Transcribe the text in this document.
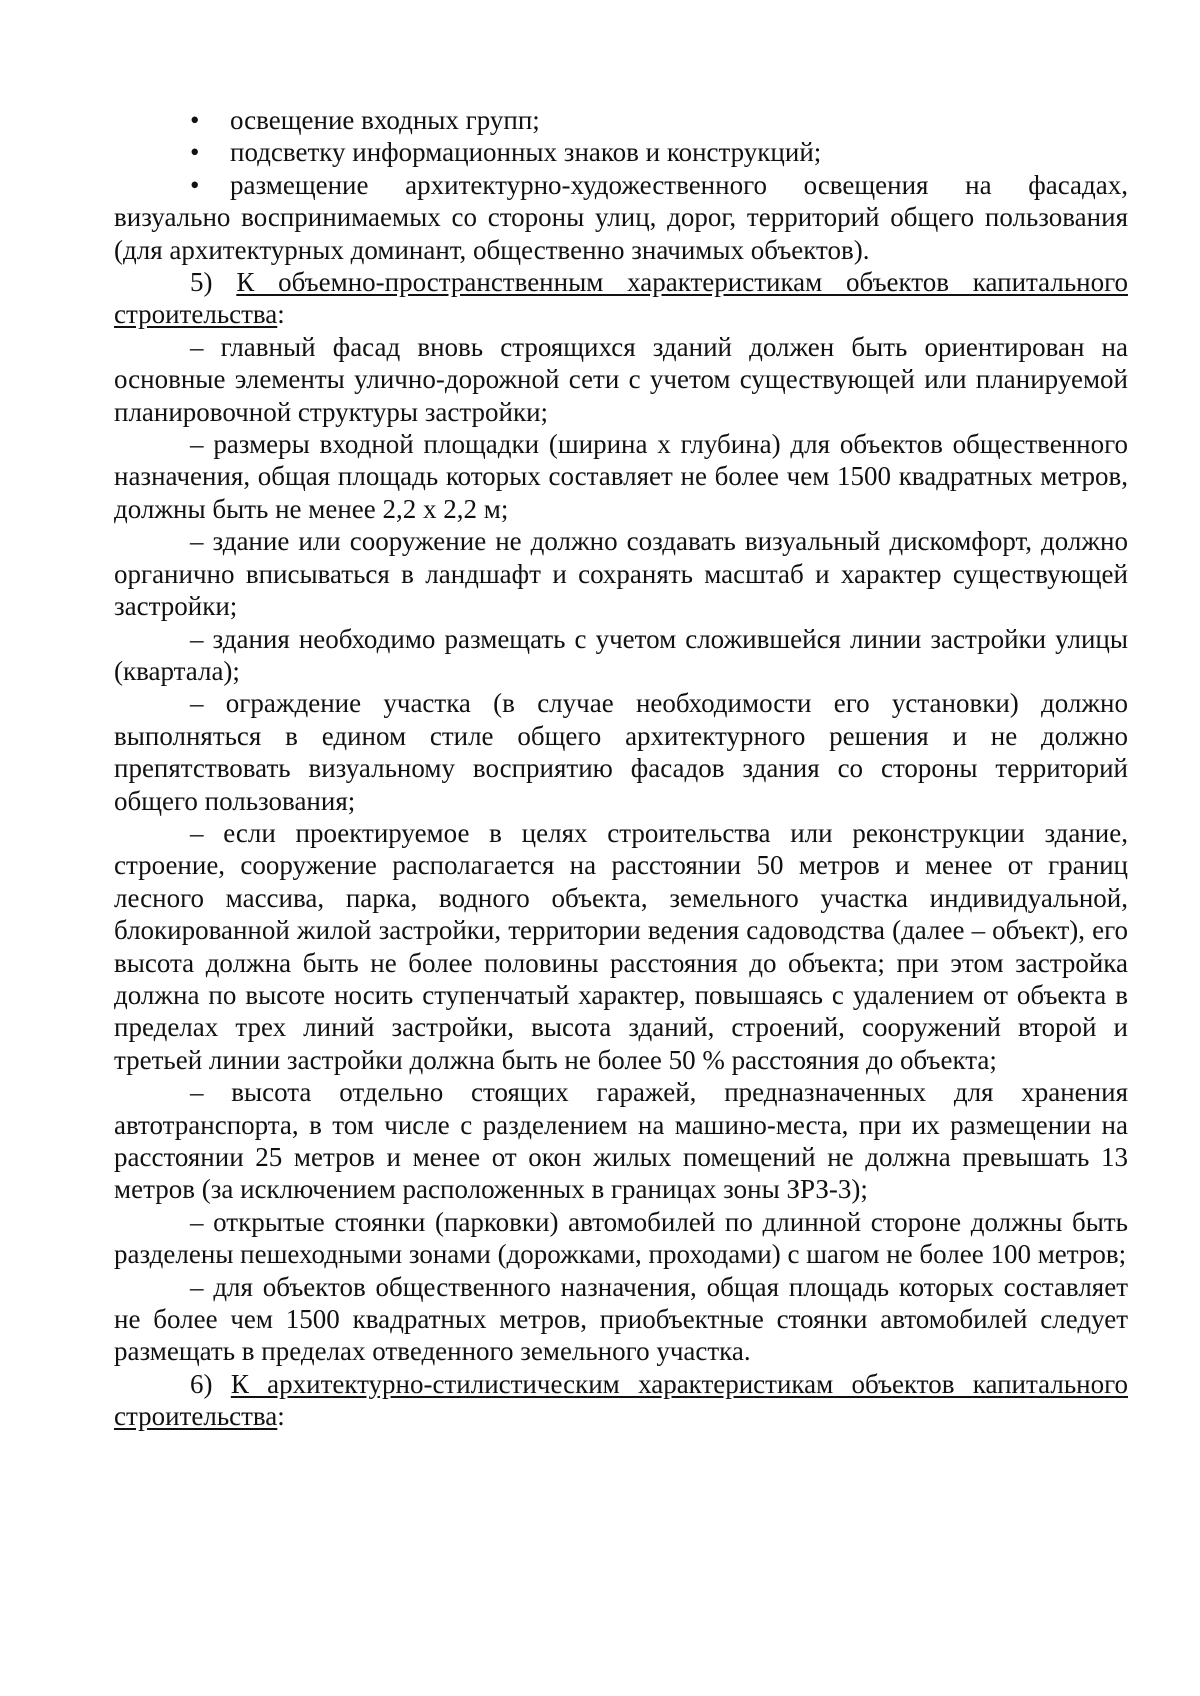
• освещение входных групп;
• подсветку информационных знаков и конструкций;
• размещение архитектурно-художественного освещения на фасадах, визуально воспринимаемых со стороны улиц, дорог, территорий общего пользования (для архитектурных доминант, общественно значимых объектов).

5) К объемно-пространственным характеристикам объектов капитального строительства:

– главный фасад вновь строящихся зданий должен быть ориентирован на основные элементы улично-дорожной сети с учетом существующей или планируемой планировочной структуры застройки;

– размеры входной площадки (ширина х глубина) для объектов общественного назначения, общая площадь которых составляет не более чем 1500 квадратных метров, должны быть не менее 2,2 х 2,2 м;

– здание или сооружение не должно создавать визуальный дискомфорт, должно органично вписываться в ландшафт и сохранять масштаб и характер существующей застройки;

– здания необходимо размещать с учетом сложившейся линии застройки улицы (квартала);

– ограждение участка (в случае необходимости его установки) должно выполняться в едином стиле общего архитектурного решения и не должно препятствовать визуальному восприятию фасадов здания со стороны территорий общего пользования;

– если проектируемое в целях строительства или реконструкции здание, строение, сооружение располагается на расстоянии 50 метров и менее от границ лесного массива, парка, водного объекта, земельного участка индивидуальной, блокированной жилой застройки, территории ведения садоводства (далее – объект), его высота должна быть не более половины расстояния до объекта; при этом застройка должна по высоте носить ступенчатый характер, повышаясь с удалением от объекта в пределах трех линий застройки, высота зданий, строений, сооружений второй и третьей линии застройки должна быть не более 50 % расстояния до объекта;

– высота отдельно стоящих гаражей, предназначенных для хранения автотранспорта, в том числе с разделением на машино-места, при их размещении на расстоянии 25 метров и менее от окон жилых помещений не должна превышать 13 метров (за исключением расположенных в границах зоны ЗРЗ-3);

– открытые стоянки (парковки) автомобилей по длинной стороне должны быть разделены пешеходными зонами (дорожками, проходами) с шагом не более 100 метров;

– для объектов общественного назначения, общая площадь которых составляет не более чем 1500 квадратных метров, приобъектные стоянки автомобилей следует размещать в пределах отведенного земельного участка.

6) К архитектурно-стилистическим характеристикам объектов капитального строительства:
